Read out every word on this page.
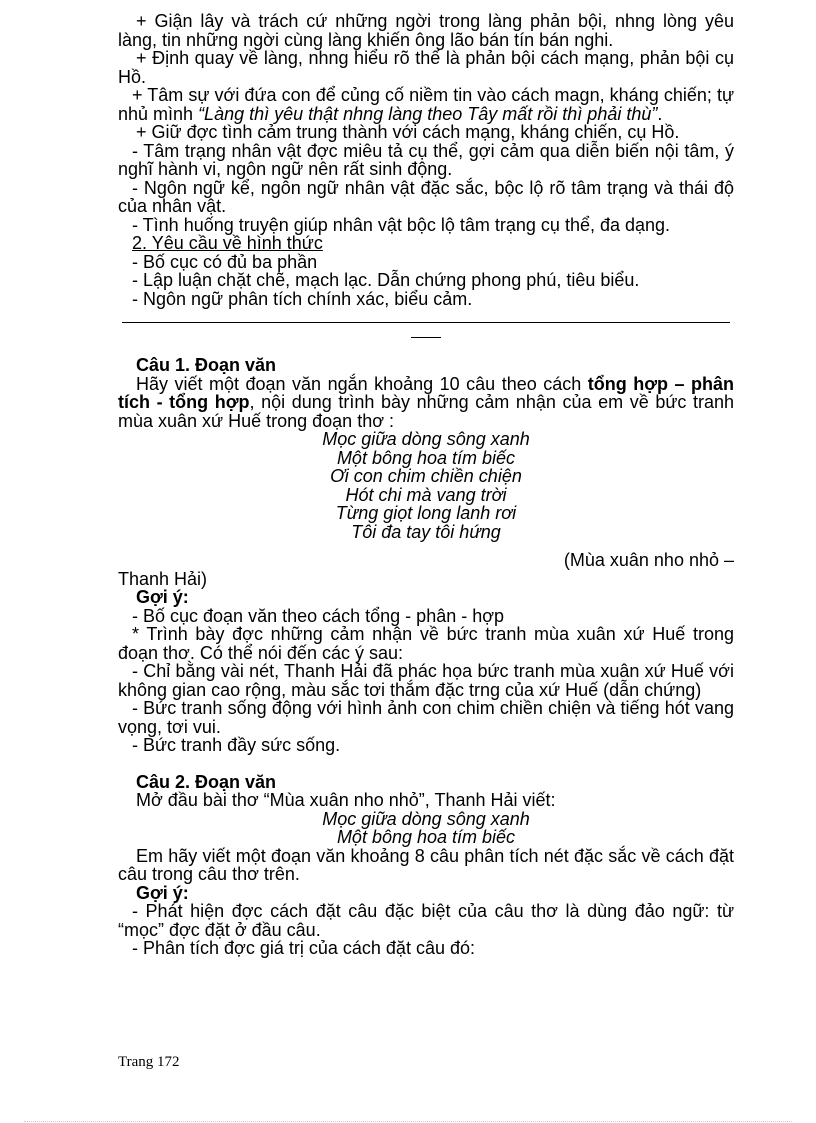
+ Giận lây và trách cứ những ngời trong làng phản bội, nhng lòng yêu làng, tin những ngời cùng làng khiến ông lão bán tín bán nghi.

+ Định quay về làng, nhng hiểu rõ thế là phản bội cách mạng, phản bội cụ Hồ.

+ Tâm sự với đứa con để củng cố niềm tin vào cách magn, kháng chiến; tự nhủ mình “Làng thì yêu thật nhng làng theo Tây mất rồi thì phải thù”.

+ Giữ đợc tình cảm trung thành với cách mạng, kháng chiến, cụ Hồ.

- Tâm trạng nhân vật đợc miêu tả cụ thể, gợi cảm qua diễn biến nội tâm, ý nghĩ hành vi, ngôn ngữ nên rất sinh động.

- Ngôn ngữ kể, ngôn ngữ nhân vật đặc sắc, bộc lộ rõ tâm trạng và thái độ của nhân vật.

- Tình huống truyện giúp nhân vật bộc lộ tâm trạng cụ thể, đa dạng.

2. Yêu cầu về hình thức

- Bố cục có đủ ba phần

- Lập luận chặt chẽ, mạch lạc. Dẫn chứng phong phú, tiêu biểu.

- Ngôn ngữ phân tích chính xác, biểu cảm.

Câu 1. Đoạn văn

Hãy viết một đoạn văn ngắn khoảng 10 câu theo cách tổng hợp – phân tích - tổng hợp, nội dung trình bày những cảm nhận của em về bức tranh mùa xuân xứ Huế trong đoạn thơ :

Mọc giữa dòng sông xanh

Một bông hoa tím biếc

Ơi con chim chiền chiện

Hót chi mà vang trời

Từng giọt long lanh rơi

Tôi đa tay tôi hứng

(Mùa xuân nho nhỏ –

Thanh Hải)

Gợi ý:

- Bố cục đoạn văn theo cách tổng - phân - hợp

* Trình bày đợc những cảm nhận về bức tranh mùa xuân xứ Huế trong đoạn thơ. Có thể nói đến các ý sau:

- Chỉ bằng vài nét, Thanh Hải đã phác họa bức tranh mùa xuân xứ Huế với không gian cao rộng, màu sắc tơi thắm đặc trng của xứ Huế (dẫn chứng)

- Bức tranh sống động với hình ảnh con chim chiền chiện và tiếng hót vang vọng, tơi vui.

- Bức tranh đầy sức sống.

Câu 2. Đoạn văn

Mở đầu bài thơ “Mùa xuân nho nhỏ”, Thanh Hải viết:

Mọc giữa dòng sông xanh

Một bông hoa tím biếc

Em hãy viết một đoạn văn khoảng 8 câu phân tích nét đặc sắc về cách đặt câu trong câu thơ trên.

Gợi ý:

- Phát hiện đợc cách đặt câu đặc biệt của câu thơ là dùng đảo ngữ: từ “mọc” đợc đặt ở đầu câu.

- Phân tích đợc giá trị của cách đặt câu đó:

Trang 172
